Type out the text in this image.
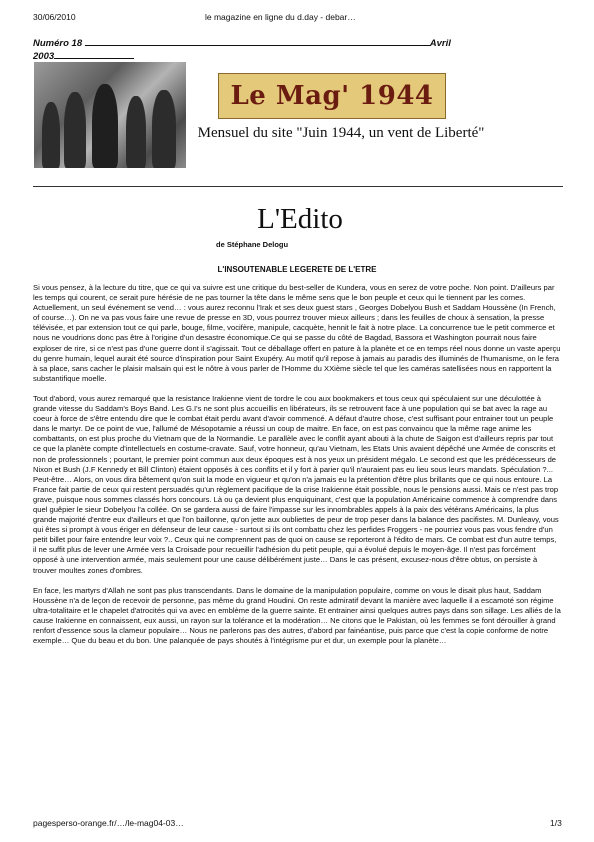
30/06/2010	le magazine en ligne du d.day - debar…
Numéro 18	Avril
2003
Le Mag' 1944
Mensuel du site "Juin 1944, un vent de Liberté"
L'Edito
de Stéphane Delogu
L'INSOUTENABLE LEGERETE DE L'ETRE

Si vous pensez, à la lecture du titre, que ce qui va suivre est une critique du best-seller de Kundera, vous en serez de votre poche. Non point. D'ailleurs par les temps qui courent, ce serait pure hérésie de ne pas tourner la tête dans le même sens que le bon peuple et ceux qui le tiennent par les cornes. Actuellement, un seul événement se vend… : vous aurez reconnu l'Irak et ses deux guest stars , Georges Dobelyou Bush et Saddam Houssène (In French, of course…). On ne va pas vous faire une revue de presse en 3D, vous pourrez trouver mieux ailleurs ; dans les feuilles de choux à sensation, la presse télévisée, et par extension tout ce qui parle, bouge, filme, vocifère, manipule, cacquète, hennit le fait à notre place. La concurrence tue le petit commerce et nous ne voudrions donc pas être à l'origine d'un desastre économique.Ce qui se passe du côté de Bagdad, Bassora et Washington pourrait nous faire exploser de rire, si ce n'est pas d'une guerre dont il s'agissait. Tout ce déballage offert en pature à la planète et ce en temps réel nous donne un vaste aperçu du genre humain, lequel aurait été source d'inspiration pour Saint Exupéry. Au motif qu'il repose à jamais au paradis des illuminés de l'humanisme, on le fera à sa place, sans cacher le plaisir malsain qui est le nôtre à vous parler de l'Homme du XXième siècle tel que les caméras satellisées nous en rapportent la substantifique moelle.

Tout d'abord, vous aurez remarqué que la resistance Irakienne vient de tordre le cou aux bookmakers et tous ceux qui spéculaient sur une déculottée à grande vitesse du Saddam's Boys Band. Les G.I's ne sont plus accueillis en libérateurs, ils se retrouvent face à une population qui se bat avec la rage au coeur à force de s'être entendu dire que le combat était perdu avant d'avoir commencé. A défaut d'autre chose, c'est suffisant pour entrainer tout un peuple dans le martyr. De ce point de vue, l'allumé de Mésopotamie a réussi un coup de maitre. En face, on est pas convaincu que la même rage anime les combattants, on est plus proche du Vietnam que de la Normandie. Le parallèle avec le conflit ayant abouti à la chute de Saigon est d'ailleurs repris par tout ce que la planète compte d'intellectuels en costume-cravate. Sauf, votre honneur, qu'au Vietnam, les Etats Unis avaient dépêché une Armée de conscrits et non de professionnels ; pourtant, le premier point commun aux deux époques est à nos yeux un président mégalo. Le second est que les prédécesseurs de Nixon et Bush (J.F Kennedy et Bill Clinton) étaient opposés à ces conflits et il y fort à parier qu'il n'auraient pas eu lieu sous leurs mandats. Spéculation ?... Peut-être… Alors, on vous dira bêtement qu'on suit la mode en vigueur et qu'on n'a jamais eu la prétention d'être plus brillants que ce qui nous entoure. La France fait partie de ceux qui restent persuadés qu'un règlement pacifique de la crise Irakienne était possible, nous le pensions aussi. Mais ce n'est pas trop grave, puisque nous sommes classés hors concours. Là ou ça devient plus enquiquinant, c'est que la population Américaine commence à comprendre dans quel guêpier le sieur Dobelyou l'a collée. On se gardera aussi de faire l'impasse sur les innombrables appels à la paix des vétérans Américains, la plus grande majorité d'entre eux d'ailleurs et que l'on baillonne, qu'on jette aux oubliettes de peur de trop peser dans la balance des pacifistes. M. Dunleavy, vous qui êtes si prompt à vous ériger en défenseur de leur cause - surtout si ils ont combattu chez les perfides Froggers - ne pourriez vous pas vous fendre d'un petit billet pour faire entendre leur voix ?.. Ceux qui ne comprennent pas de quoi on cause se reporteront à l'édito de mars. Ce combat est d'un autre temps, il ne suffit plus de lever une Armée vers la Croisade pour recueillir l'adhésion du petit peuple, qui a évolué depuis le moyen-âge. Il n'est pas forcément opposé à une intervention armée, mais seulement pour une cause délibérément juste… Dans le cas présent, excusez-nous d'être obtus, on persiste à trouver moultes zones d'ombres.

En face, les martyrs d'Allah ne sont pas plus transcendants. Dans le domaine de la manipulation populaire, comme on vous le disait plus haut, Saddam Houssène n'a de leçon de recevoir de personne, pas même du grand Houdini. On reste admiratif devant la manière avec laquelle il a escamoté son régime ultra-totalitaire et le chapelet d'atrocités qui va avec en emblème de la guerre sainte. Et entrainer ainsi quelques autres pays dans son sillage. Les alliés de la cause Irakienne en connaissent, eux aussi, un rayon sur la tolérance et la modération… Ne citons que le Pakistan, où les femmes se font dérouiller à grand renfort d'essence sous la clameur populaire… Nous ne parlerons pas des autres, d'abord par fainéantise, puis parce que c'est la copie conforme de notre exemple… Que du beau et du bon. Une palanquée de pays shoutés à l'intégrisme pur et dur, un exemple pour la planète…

pagesperso-orange.fr/…/le-mag04-03…	1/3
